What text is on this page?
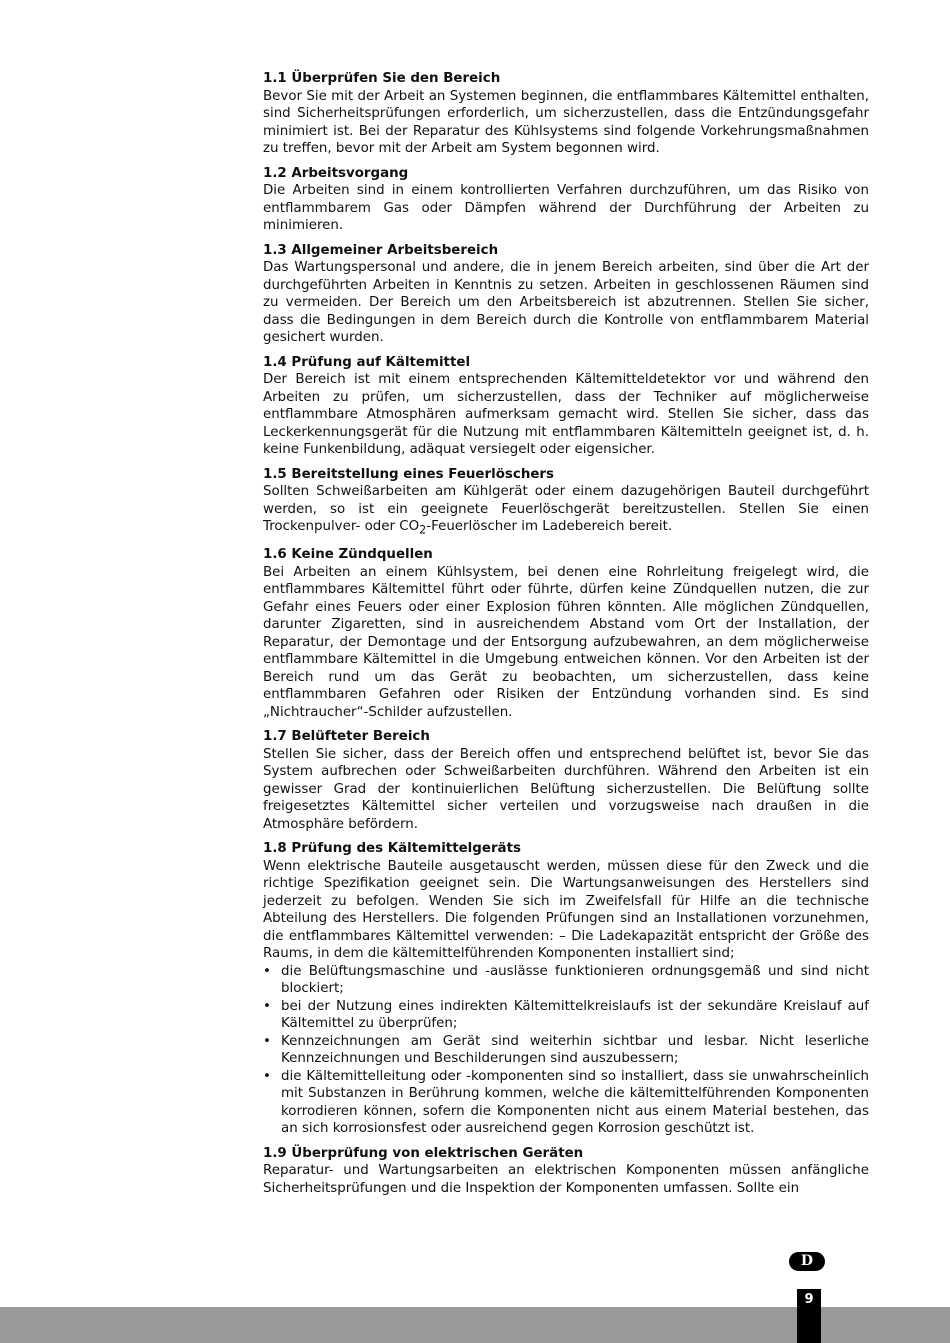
1.1 Überprüfen Sie den Bereich

Bevor Sie mit der Arbeit an Systemen beginnen, die entflammbares Kältemittel enthalten, sind Sicherheitsprüfungen erforderlich, um sicherzustellen, dass die Entzündungsgefahr minimiert ist. Bei der Reparatur des Kühlsystems sind folgende Vorkehrungsmaßnahmen zu treffen, bevor mit der Arbeit am System begonnen wird.

1.2 Arbeitsvorgang

Die Arbeiten sind in einem kontrollierten Verfahren durchzuführen, um das Risiko von entflammbarem Gas oder Dämpfen während der Durchführung der Arbeiten zu minimieren.

1.3 Allgemeiner Arbeitsbereich

Das Wartungspersonal und andere, die in jenem Bereich arbeiten, sind über die Art der durchgeführten Arbeiten in Kenntnis zu setzen. Arbeiten in geschlossenen Räumen sind zu vermeiden. Der Bereich um den Arbeitsbereich ist abzutrennen. Stellen Sie sicher, dass die Bedingungen in dem Bereich durch die Kontrolle von entflammbarem Material gesichert wurden.

1.4 Prüfung auf Kältemittel

Der Bereich ist mit einem entsprechenden Kältemitteldetektor vor und während den Arbeiten zu prüfen, um sicherzustellen, dass der Techniker auf möglicherweise entflammbare Atmosphären aufmerksam gemacht wird. Stellen Sie sicher, dass das Leckerkennungsgerät für die Nutzung mit entflammbaren Kältemitteln geeignet ist, d. h. keine Funkenbildung, adäquat versiegelt oder eigensicher.

1.5 Bereitstellung eines Feuerlöschers

Sollten Schweißarbeiten am Kühlgerät oder einem dazugehörigen Bauteil durchgeführt werden, so ist ein geeignete Feuerlöschgerät bereitzustellen. Stellen Sie einen Trockenpulver- oder $CO_2$-Feuerlöscher im Ladebereich bereit.

1.6 Keine Zündquellen

Bei Arbeiten an einem Kühlsystem, bei denen eine Rohrleitung freigelegt wird, die entflammbares Kältemittel führt oder führte, dürfen keine Zündquellen nutzen, die zur Gefahr eines Feuers oder einer Explosion führen könnten. Alle möglichen Zündquellen, darunter Zigaretten, sind in ausreichendem Abstand vom Ort der Installation, der Reparatur, der Demontage und der Entsorgung aufzubewahren, an dem möglicherweise entflammbare Kältemittel in die Umgebung entweichen können. Vor den Arbeiten ist der Bereich rund um das Gerät zu beobachten, um sicherzustellen, dass keine entflammbaren Gefahren oder Risiken der Entzündung vorhanden sind. Es sind „Nichtraucher“-Schilder aufzustellen.

1.7 Belüfteter Bereich

Stellen Sie sicher, dass der Bereich offen und entsprechend belüftet ist, bevor Sie das System aufbrechen oder Schweißarbeiten durchführen. Während den Arbeiten ist ein gewisser Grad der kontinuierlichen Belüftung sicherzustellen. Die Belüftung sollte freigesetztes Kältemittel sicher verteilen und vorzugsweise nach draußen in die Atmosphäre befördern.

1.8 Prüfung des Kältemittelgeräts

Wenn elektrische Bauteile ausgetauscht werden, müssen diese für den Zweck und die richtige Spezifikation geeignet sein. Die Wartungsanweisungen des Herstellers sind jederzeit zu befolgen. Wenden Sie sich im Zweifelsfall für Hilfe an die technische Abteilung des Herstellers. Die folgenden Prüfungen sind an Installationen vorzunehmen, die entflammbares Kältemittel verwenden: – Die Ladekapazität entspricht der Größe des Raums, in dem die kältemittelführenden Komponenten installiert sind;

• die Belüftungsmaschine und -auslässe funktionieren ordnungsgemäß und sind nicht blockiert;
• bei der Nutzung eines indirekten Kältemittelkreislaufs ist der sekundäre Kreislauf auf Kältemittel zu überprüfen;
• Kennzeichnungen am Gerät sind weiterhin sichtbar und lesbar. Nicht leserliche Kennzeichnungen und Beschilderungen sind auszubessern;
• die Kältemittelleitung oder -komponenten sind so installiert, dass sie unwahrscheinlich mit Substanzen in Berührung kommen, welche die kältemittelführenden Komponenten korrodieren können, sofern die Komponenten nicht aus einem Material bestehen, das an sich korrosionsfest oder ausreichend gegen Korrosion geschützt ist.
1.9 Überprüfung von elektrischen Geräten

Reparatur- und Wartungsarbeiten an elektrischen Komponenten müssen anfängliche Sicherheitsprüfungen und die Inspektion der Komponenten umfassen. Sollte ein

D
9
